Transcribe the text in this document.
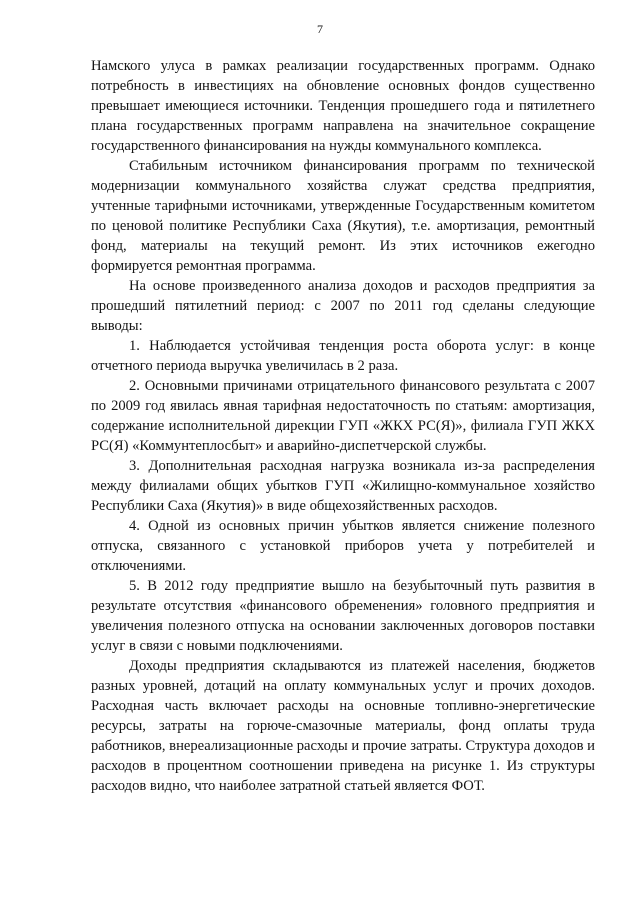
7

Намского улуса в рамках реализации государственных программ. Однако потребность в инвестициях на обновление основных фондов существенно превышает имеющиеся источники. Тенденция прошедшего года и пятилетнего плана государственных программ направлена на значительное сокращение государственного финансирования на нужды коммунального комплекса.

Стабильным источником финансирования программ по технической модернизации коммунального хозяйства служат средства предприятия, учтенные тарифными источниками, утвержденные Государственным комитетом по ценовой политике Республики Саха (Якутия), т.е. амортизация, ремонтный фонд, материалы на текущий ремонт. Из этих источников ежегодно формируется ремонтная программа.

На основе произведенного анализа доходов и расходов предприятия за прошедший пятилетний период: с 2007 по 2011 год сделаны следующие выводы:

1. Наблюдается устойчивая тенденция роста оборота услуг: в конце отчетного периода выручка увеличилась в 2 раза.

2. Основными причинами отрицательного финансового результата с 2007 по 2009 год явилась явная тарифная недостаточность по статьям: амортизация, содержание исполнительной дирекции ГУП «ЖКХ РС(Я)», филиала ГУП ЖКХ РС(Я) «Коммунтеплосбыт» и аварийно-диспетчерской службы.

3. Дополнительная расходная нагрузка возникала из-за распределения между филиалами общих убытков ГУП «Жилищно-коммунальное хозяйство Республики Саха (Якутия)» в виде общехозяйственных расходов.

4. Одной из основных причин убытков является снижение полезного отпуска, связанного с установкой приборов учета у потребителей и отключениями.

5. В 2012 году предприятие вышло на безубыточный путь развития в результате отсутствия «финансового обременения» головного предприятия и увеличения полезного отпуска на основании заключенных договоров поставки услуг в связи с новыми подключениями.

Доходы предприятия складываются из платежей населения, бюджетов разных уровней, дотаций на оплату коммунальных услуг и прочих доходов. Расходная часть включает расходы на основные топливно-энергетические ресурсы, затраты на горюче-смазочные материалы, фонд оплаты труда работников, внереализационные расходы и прочие затраты. Структура доходов и расходов в процентном соотношении приведена на рисунке 1. Из структуры расходов видно, что наиболее затратной статьей является ФОТ.
